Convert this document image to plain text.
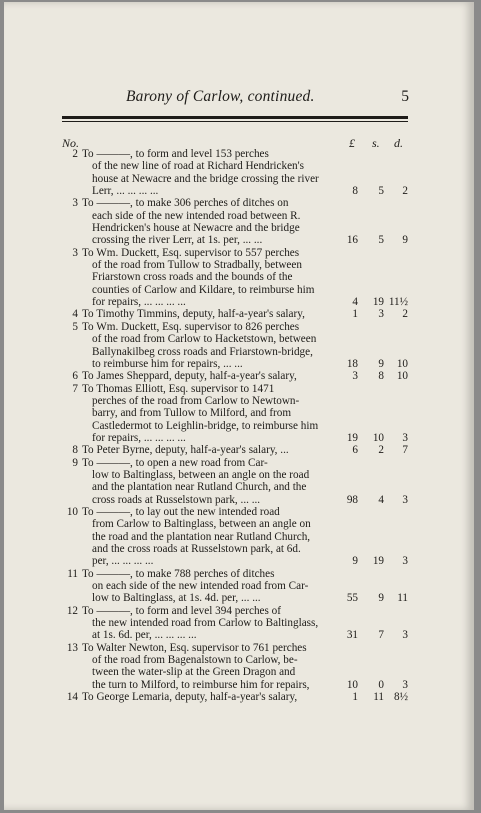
Barony of Carlow, continued.	5
No.	£ s. d.
2 To ———, to form and level 153 perches
of the new line of road at Richard Hendricken's
house at Newacre and the bridge crossing the river
Lerr, ... ... ... ...	8	5	2
3 To ———, to make 306 perches of ditches on
each side of the new intended road between R.
Hendricken's house at Newacre and the bridge
crossing the river Lerr, at 1s. per, ... ...	16	5	9
3 To Wm. Duckett, Esq. supervisor to 557 perches
of the road from Tullow to Stradbally, between
Friarstown cross roads and the bounds of the
counties of Carlow and Kildare, to reimburse him
for repairs, ... ... ... ...	4	19 11½
4 To Timothy Timmins, deputy, half-a-year's salary,	1	3	2
5 To Wm. Duckett, Esq. supervisor to 826 perches
of the road from Carlow to Hacketstown, between
Ballynakilbeg cross roads and Friarstown-bridge,
to reimburse him for repairs, ... ...	18	9	10
6 To James Sheppard, deputy, half-a-year's salary,	3	8	10
7 To Thomas Elliott, Esq. supervisor to 1471
perches of the road from Carlow to Newtown-
barry, and from Tullow to Milford, and from
Castledermot to Leighlin-bridge, to reimburse him
for repairs, ... ... ... ...	19	10	3
8 To Peter Byrne, deputy, half-a-year's salary, ...	6	2	7
9 To ———, to open a new road from Car-
low to Baltinglass, between an angle on the road
and the plantation near Rutland Church, and the
cross roads at Russelstown park, ... ...	98	4	3
10 To ———, to lay out the new intended road
from Carlow to Baltinglass, between an angle on
the road and the plantation near Rutland Church,
and the cross roads at Russelstown park, at 6d.
per, ... ... ... ...	9	19	3
11 To ———, to make 788 perches of ditches
on each side of the new intended road from Car-
low to Baltinglass, at 1s. 4d. per, ... ...	55	9	11
12 To ———, to form and level 394 perches of
the new intended road from Carlow to Baltinglass,
at 1s. 6d. per, ... ... ... ...	31	7	3
13 To Walter Newton, Esq. supervisor to 761 perches
of the road from Bagenalstown to Carlow, be-
tween the water-slip at the Green Dragon and
the turn to Milford, to reimburse him for repairs,	10	0	3
14 To George Lemaria, deputy, half-a-year's salary,	1	11 8½
